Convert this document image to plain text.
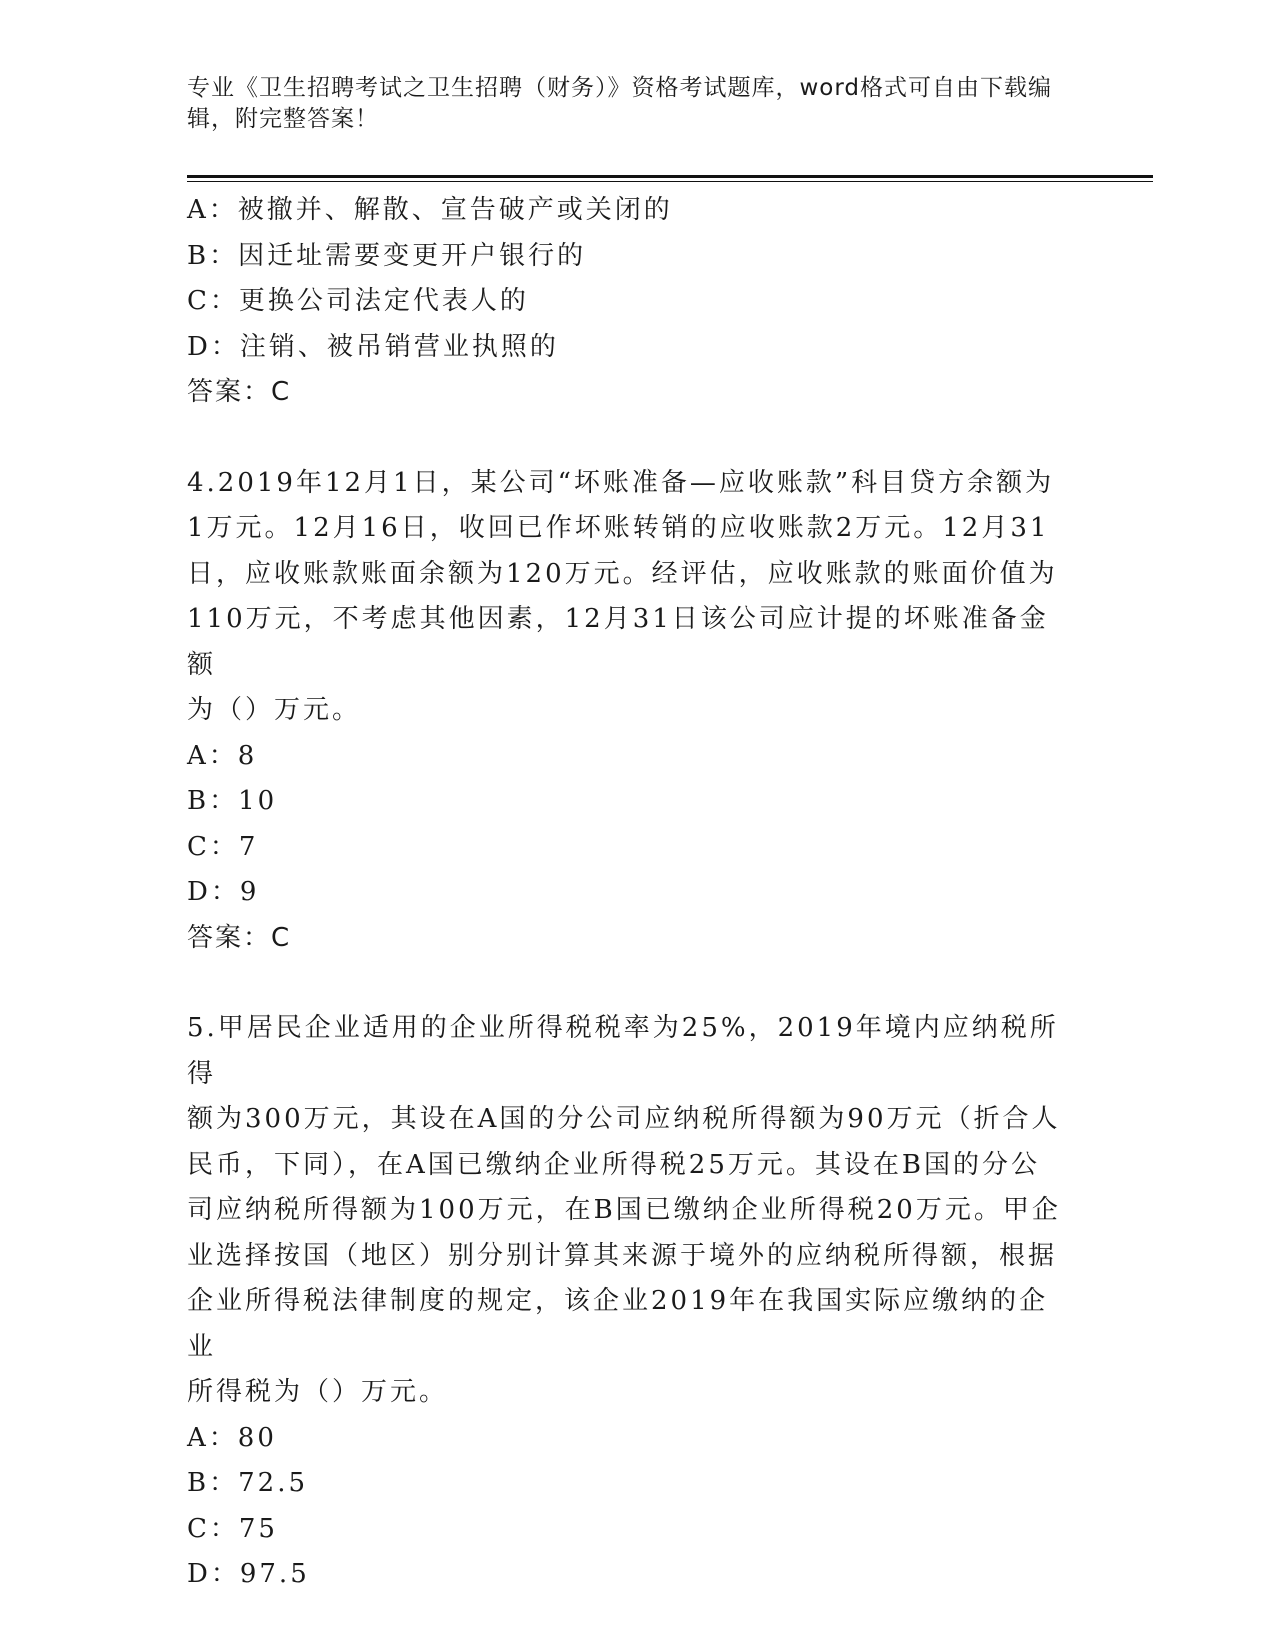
专业《卫生招聘考试之卫生招聘（财务）》资格考试题库，word格式可自由下载编辑，附完整答案！
A：被撤并、解散、宣告破产或关闭的
B：因迁址需要变更开户银行的
C：更换公司法定代表人的
D：注销、被吊销营业执照的
答案：C
4.2019年12月1日，某公司“坏账准备—应收账款”科目贷方余额为
1万元。12月16日，收回已作坏账转销的应收账款2万元。12月31
日，应收账款账面余额为120万元。经评估，应收账款的账面价值为
110万元，不考虑其他因素，12月31日该公司应计提的坏账准备金额
为（）万元。
A：8
B：10
C：7
D：9
答案：C
5.甲居民企业适用的企业所得税税率为25%，2019年境内应纳税所得
额为300万元，其设在A国的分公司应纳税所得额为90万元（折合人
民币，下同），在A国已缴纳企业所得税25万元。其设在B国的分公
司应纳税所得额为100万元，在B国已缴纳企业所得税20万元。甲企
业选择按国（地区）别分别计算其来源于境外的应纳税所得额，根据
企业所得税法律制度的规定，该企业2019年在我国实际应缴纳的企业
所得税为（）万元。
A：80
B：72.5
C：75
D：97.5
